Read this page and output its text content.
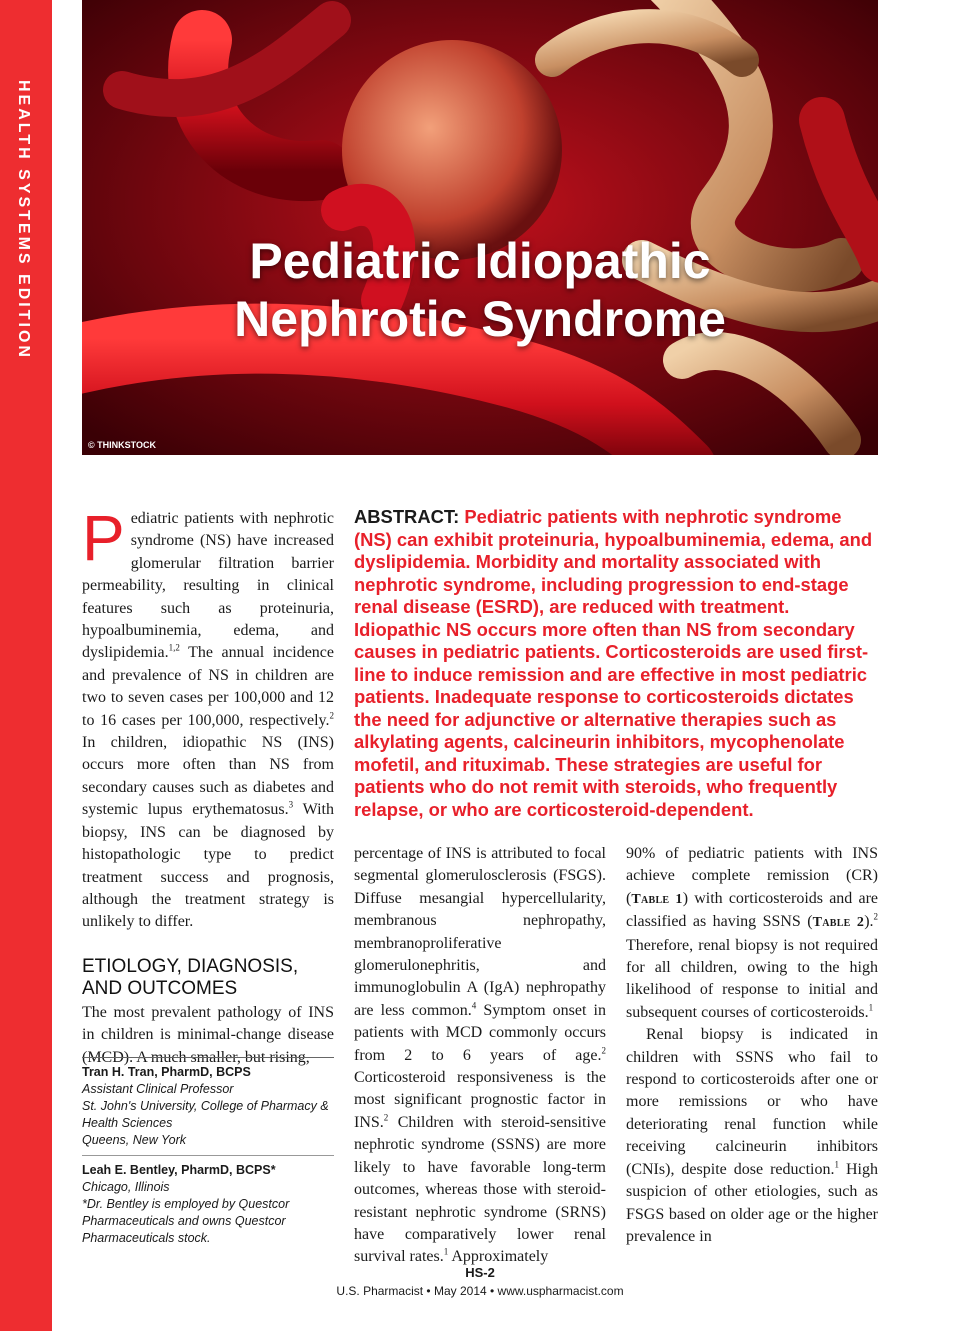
HEALTH SYSTEMS EDITION	Pediatric Idiopathic
Nephrotic Syndrome
© THINKSTOCK

Pediatric patients with nephrotic syndrome (NS) have increased glomerular filtration barrier permeability, resulting in clinical features such as proteinuria, hypoalbuminemia, edema, and dyslipidemia.$^{1,2}$ The annual incidence and prevalence of NS in children are two to seven cases per 100,000 and 12 to 16 cases per 100,000, respectively.$^2$ In children, idiopathic NS (INS) occurs more often than NS from secondary causes such as diabetes and systemic lupus erythematosus.$^3$ With biopsy, INS can be diagnosed by histopathologic type to predict treatment success and prognosis, although the treatment strategy is unlikely to differ.

ETIOLOGY, DIAGNOSIS,
AND OUTCOMES

The most prevalent pathology of INS in children is minimal-change disease (MCD). A much smaller, but rising,

ABSTRACT: Pediatric patients with nephrotic syndrome (NS) can exhibit proteinuria, hypoalbuminemia, edema, and dyslipidemia. Morbidity and mortality associated with nephrotic syndrome, including progression to end-stage renal disease (ESRD), are reduced with treatment. Idiopathic NS occurs more often than NS from secondary causes in pediatric patients. Corticosteroids are used first-line to induce remission and are effective in most pediatric patients. Inadequate response to corticosteroids dictates the need for adjunctive or alternative therapies such as alkylating agents, calcineurin inhibitors, mycophenolate mofetil, and rituximab. These strategies are useful for patients who do not remit with steroids, who frequently relapse, or who are corticosteroid-dependent.

percentage of INS is attributed to focal segmental glomerulosclerosis (FSGS). Diffuse mesangial hypercellularity, membranous nephropathy, membranoproliferative glomerulonephritis, and immunoglobulin A (IgA) nephropathy are less common.$^4$ Symptom onset in patients with MCD commonly occurs from 2 to 6 years of age.$^2$ Corticosteroid responsiveness is the most significant prognostic factor in INS.$^2$ Children with steroid-sensitive nephrotic syndrome (SSNS) are more likely to have favorable long-term outcomes, whereas those with steroid-resistant nephrotic syndrome (SRNS) have comparatively lower renal survival rates.$^1$ Approximately

90% of pediatric patients with INS achieve complete remission (CR) (Table 1) with corticosteroids and are classified as having SSNS (Table 2).$^2$ Therefore, renal biopsy is not required for all children, owing to the high likelihood of response to initial and subsequent courses of corticosteroids.$^1$

Renal biopsy is indicated in children with SSNS who fail to respond to corticosteroids after one or more remissions or who have deteriorating renal function while receiving calcineurin inhibitors (CNIs), despite dose reduction.$^1$ High suspicion of other etiologies, such as FSGS based on older age or the higher prevalence in

Tran H. Tran, PharmD, BCPS
Assistant Clinical Professor
St. John's University, College of Pharmacy &
Health Sciences
Queens, New York
Leah E. Bentley, PharmD, BCPS*
Chicago, Illinois
*Dr. Bentley is employed by Questcor
Pharmaceuticals and owns Questcor
Pharmaceuticals stock.
HS-2
U.S. Pharmacist • May 2014 • www.uspharmacist.com
